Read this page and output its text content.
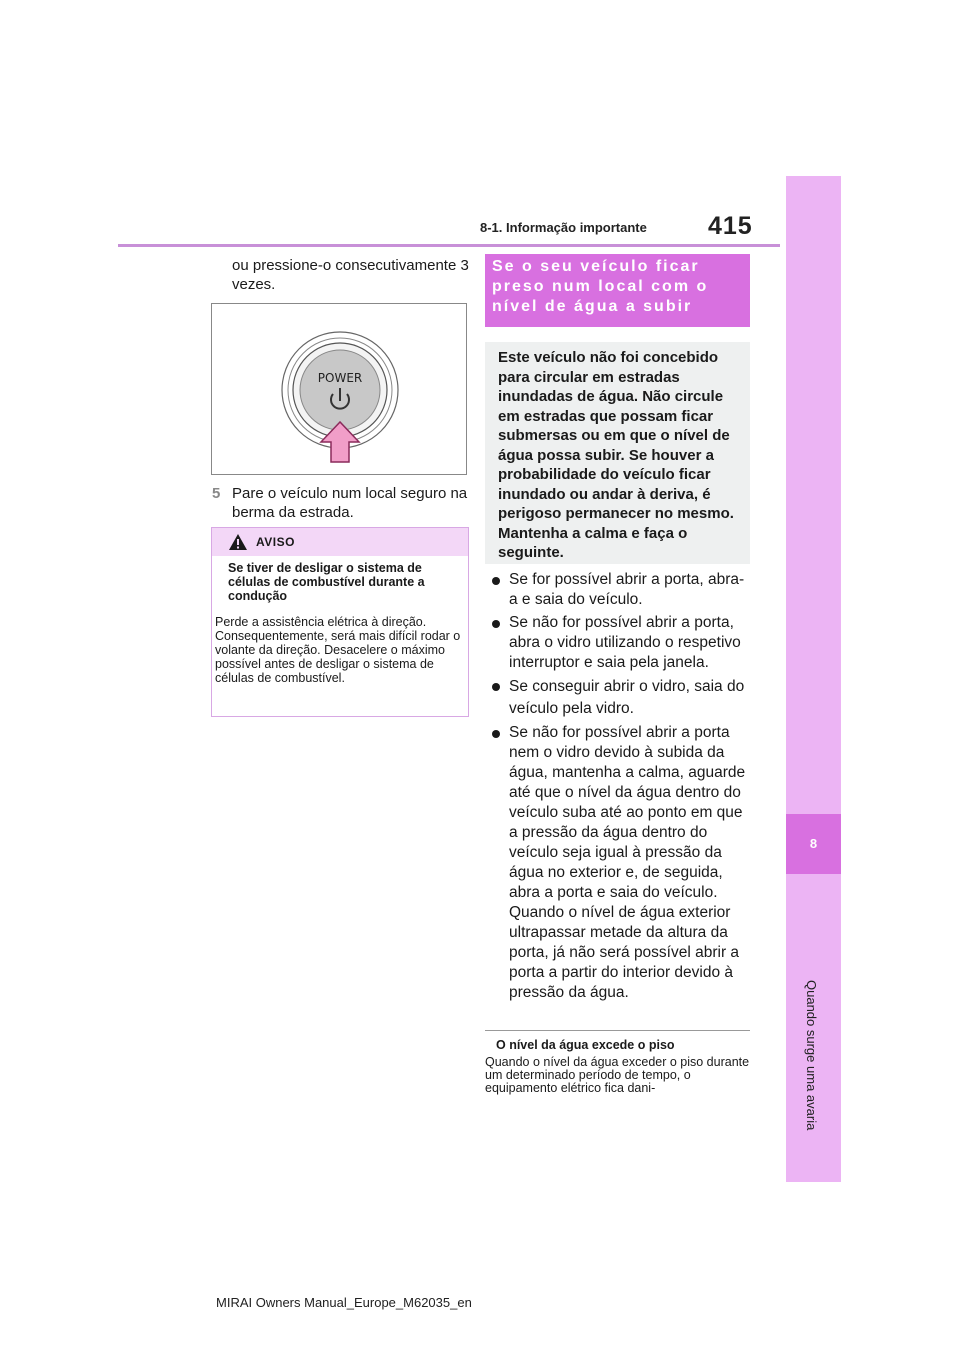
8-1. Informação importante 415
8
Quando surge uma avaria
ou pressione-o consecutivamente 3 vezes.
POWER
5 Pare o veículo num local seguro na berma da estrada.
AVISO
Se tiver de desligar o sistema de células de combustível durante a condução
Perde a assistência elétrica à direção. Consequentemente, será mais difícil rodar o volante da direção. Desacelere o máximo possível antes de desligar o sistema de células de combustível.
Se o seu veículo ficar preso num local com o nível de água a subir
Este veículo não foi concebido para circular em estradas inundadas de água. Não circule em estradas que possam ficar submersas ou em que o nível de água possa subir. Se houver a probabilidade do veículo ficar inundado ou andar à deriva, é perigoso permanecer no mesmo. Mantenha a calma e faça o seguinte.
Se for possível abrir a porta, abra-a e saia do veículo.
Se não for possível abrir a porta, abra o vidro utilizando o respetivo interruptor e saia pela janela.
Se conseguir abrir o vidro, saia do veículo pela vidro.
Se não for possível abrir a porta nem o vidro devido à subida da água, mantenha a calma, aguarde até que o nível da água dentro do veículo suba até ao ponto em que a pressão da água dentro do veículo seja igual à pressão da água no exterior e, de seguida, abra a porta e saia do veículo. Quando o nível de água exterior ultrapassar metade da altura da porta, já não será possível abrir a porta a partir do interior devido à pressão da água.
O nível da água excede o piso
Quando o nível da água exceder o piso durante um determinado período de tempo, o equipamento elétrico fica dani-
MIRAI Owners Manual_Europe_M62035_en
